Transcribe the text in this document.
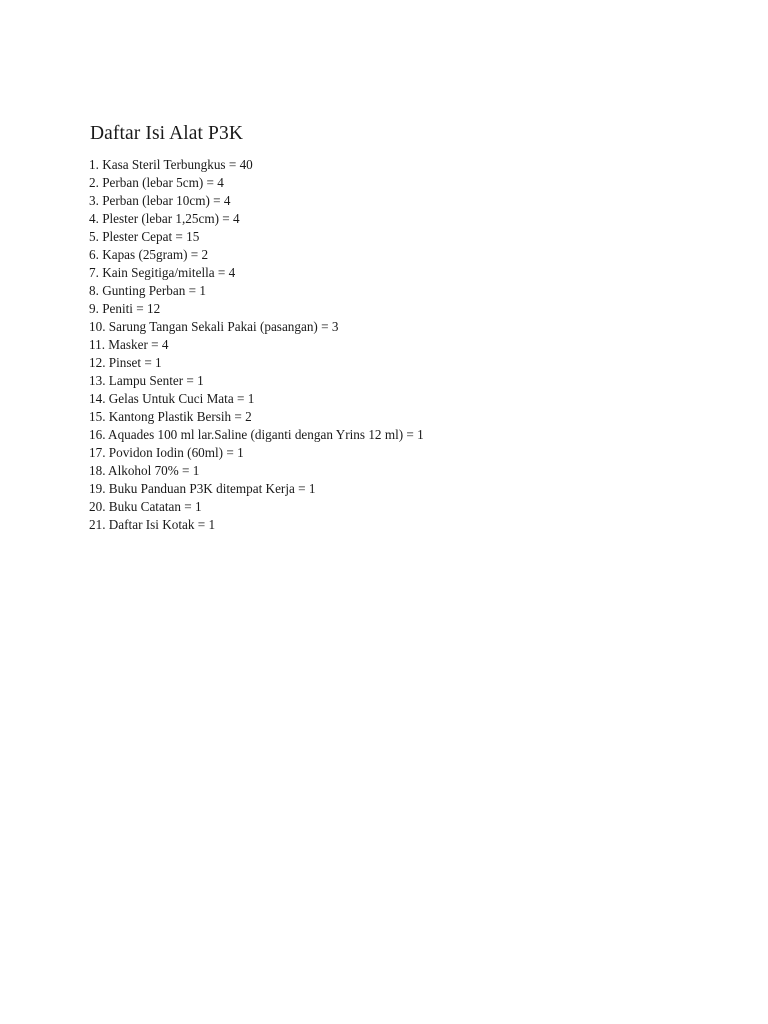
Daftar Isi Alat P3K
1. Kasa Steril Terbungkus = 40
2. Perban (lebar 5cm) = 4
3. Perban (lebar 10cm) = 4
4. Plester (lebar 1,25cm) = 4
5. Plester Cepat = 15
6. Kapas (25gram) = 2
7. Kain Segitiga/mitella = 4
8. Gunting Perban = 1
9. Peniti = 12
10. Sarung Tangan Sekali Pakai (pasangan) = 3
11. Masker = 4
12. Pinset = 1
13. Lampu Senter = 1
14. Gelas Untuk Cuci Mata = 1
15. Kantong Plastik Bersih = 2
16. Aquades 100 ml lar.Saline (diganti dengan Yrins 12 ml) = 1
17. Povidon Iodin (60ml) = 1
18. Alkohol 70% = 1
19. Buku Panduan P3K ditempat Kerja = 1
20. Buku Catatan = 1
21. Daftar Isi Kotak = 1
